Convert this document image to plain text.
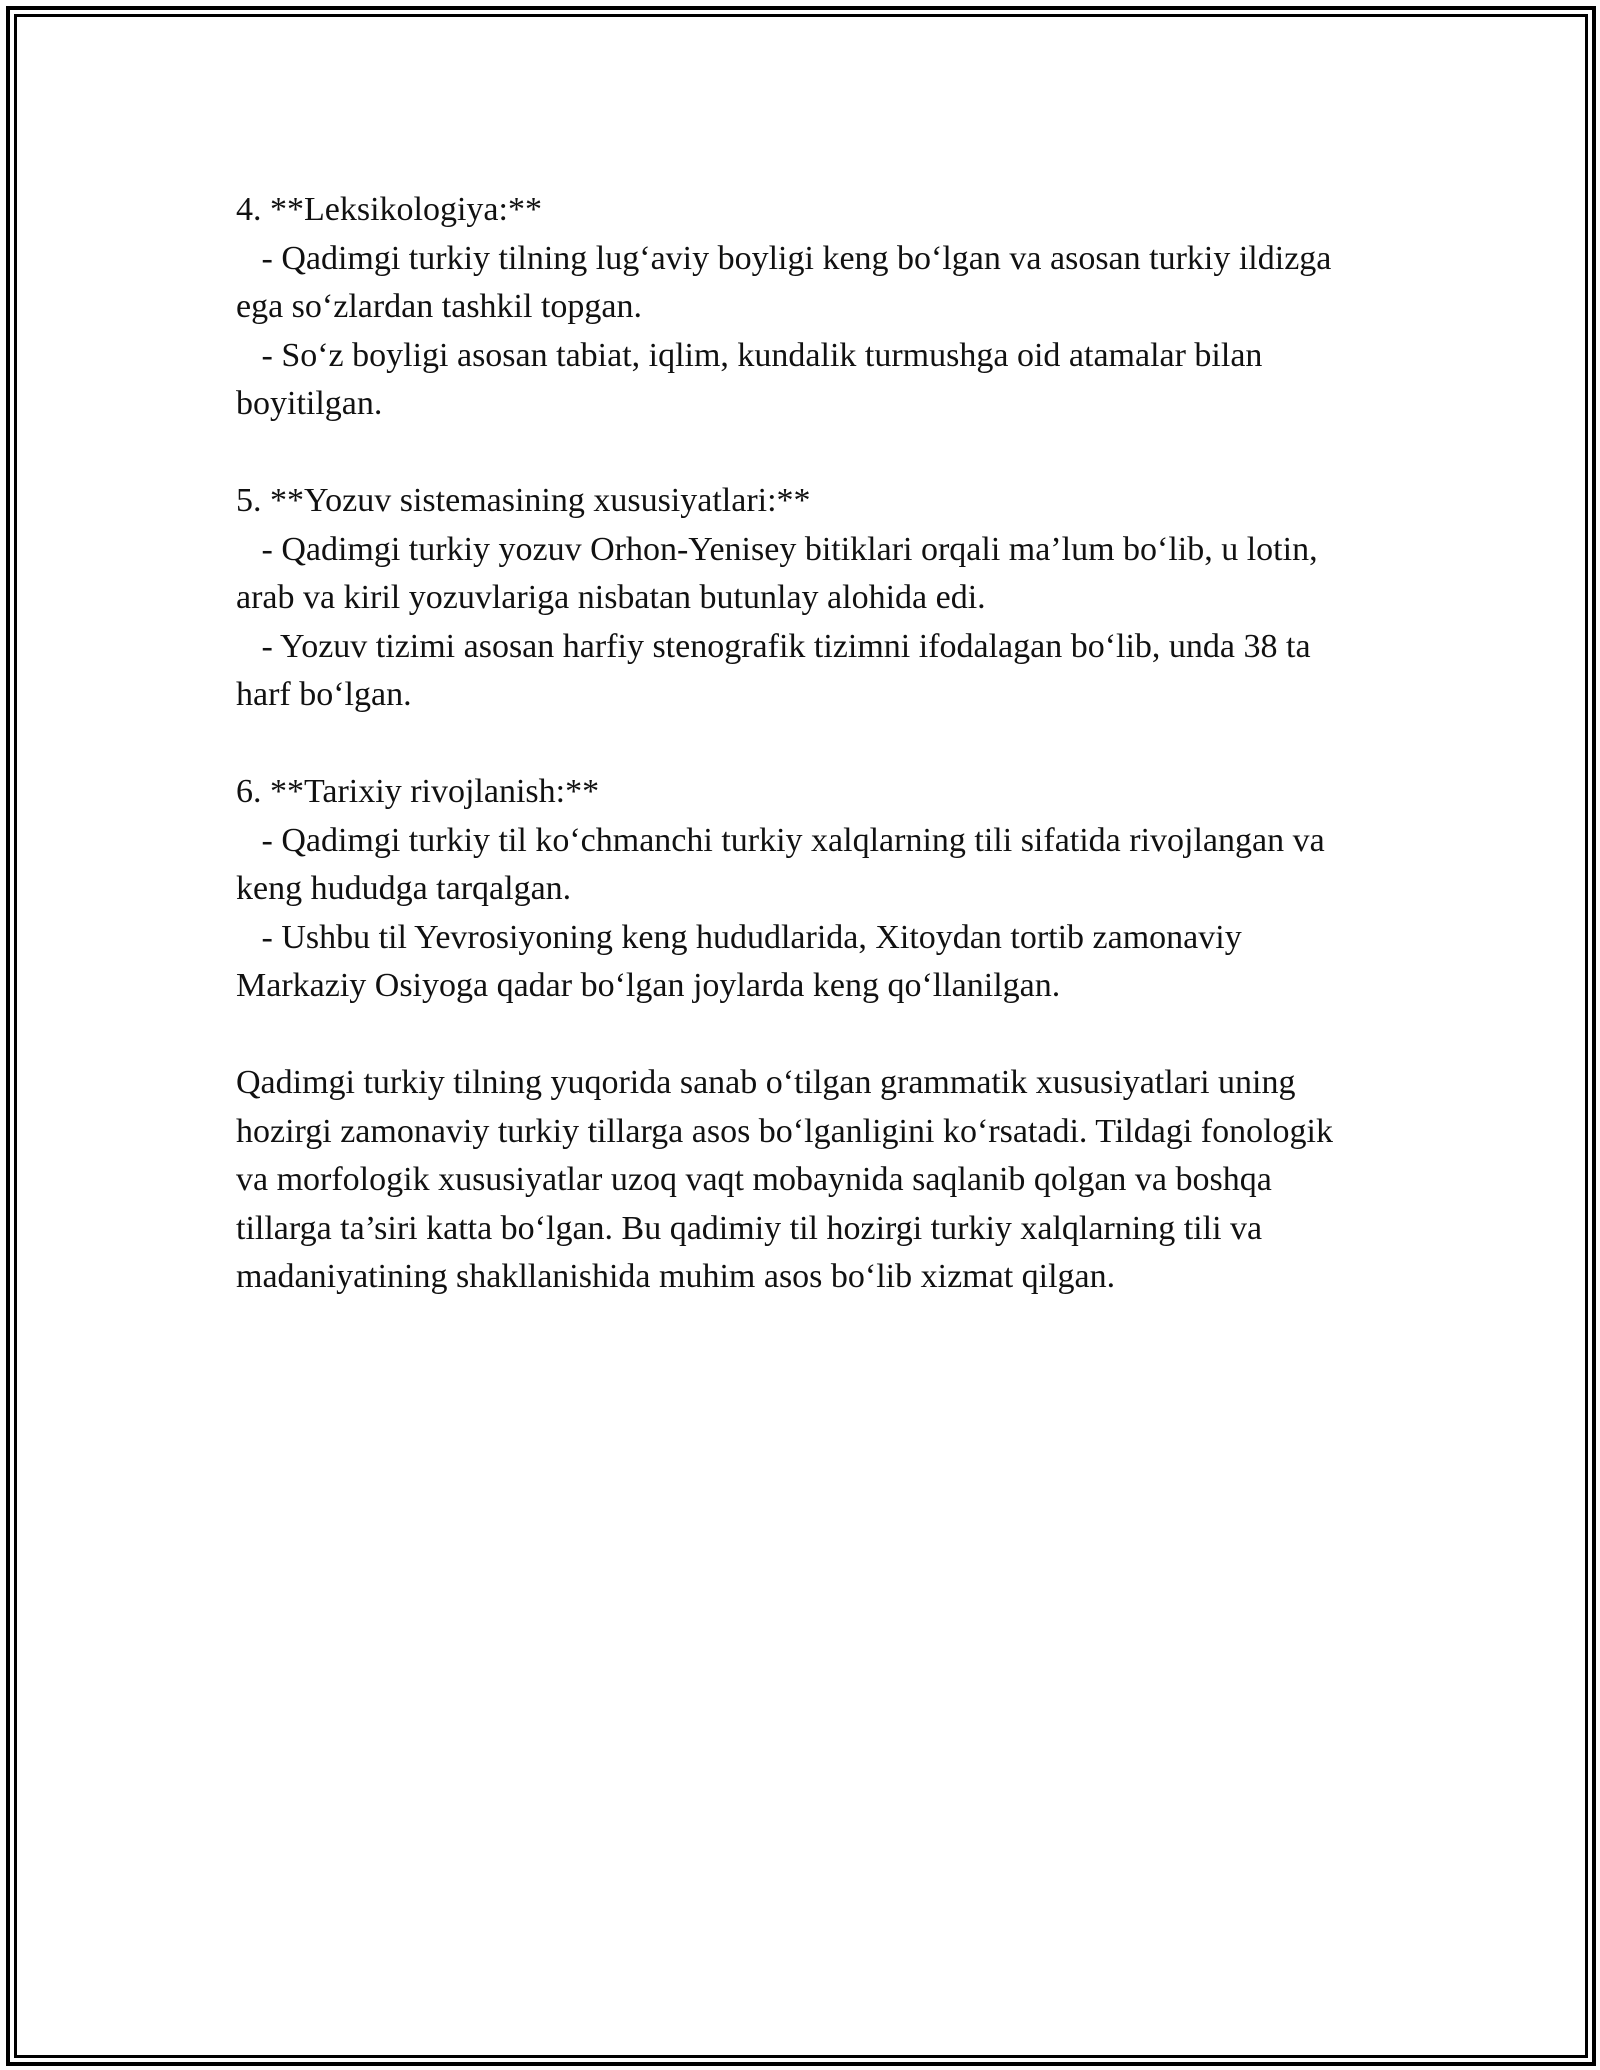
4. **Leksikologiya:**

- Qadimgi turkiy tilning lug‘aviy boyligi keng bo‘lgan va asosan turkiy ildizga ega so‘zlardan tashkil topgan.

- So‘z boyligi asosan tabiat, iqlim, kundalik turmushga oid atamalar bilan boyitilgan.

5. **Yozuv sistemasining xususiyatlari:**

- Qadimgi turkiy yozuv Orhon-Yenisey bitiklari orqali ma’lum bo‘lib, u lotin, arab va kiril yozuvlariga nisbatan butunlay alohida edi.

- Yozuv tizimi asosan harfiy stenografik tizimni ifodalagan bo‘lib, unda 38 ta harf bo‘lgan.

6. **Tarixiy rivojlanish:**

- Qadimgi turkiy til ko‘chmanchi turkiy xalqlarning tili sifatida rivojlangan va keng hududga tarqalgan.

- Ushbu til Yevrosiyoning keng hududlarida, Xitoydan tortib zamonaviy Markaziy Osiyoga qadar bo‘lgan joylarda keng qo‘llanilgan.

Qadimgi turkiy tilning yuqorida sanab o‘tilgan grammatik xususiyatlari uning hozirgi zamonaviy turkiy tillarga asos bo‘lganligini ko‘rsatadi. Tildagi fonologik va morfologik xususiyatlar uzoq vaqt mobaynida saqlanib qolgan va boshqa tillarga ta’siri katta bo‘lgan. Bu qadimiy til hozirgi turkiy xalqlarning tili va madaniyatining shakllanishida muhim asos bo‘lib xizmat qilgan.
